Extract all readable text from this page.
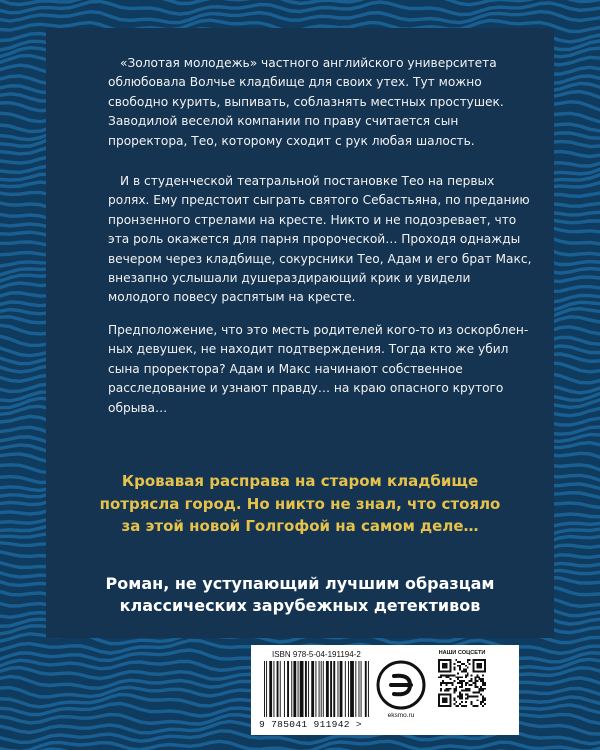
«Золотая молодежь» частного английского университета
облюбовала Волчье кладбище для своих утех. Тут можно
свободно курить, выпивать, соблазнять местных простушек.
Заводилой веселой компании по праву считается сын
проректора, Тео, которому сходит с рук любая шалость.
И в студенческой театральной постановке Тео на первых
ролях. Ему предстоит сыграть святого Себастьяна, по преданию
пронзенного стрелами на кресте. Никто и не подозревает, что
эта роль окажется для парня пророческой… Проходя однажды
вечером через кладбище, сокурсники Тео, Адам и его брат Макс,
внезапно услышали душераздирающий крик и увидели
молодого повесу распятым на кресте.
Предположение, что это месть родителей кого-то из оскорблен-
ных девушек, не находит подтверждения. Тогда кто же убил
сына проректора? Адам и Макс начинают собственное
расследование и узнают правду… на краю опасного крутого
обрыва…
Кровавая расправа на старом кладбище
потрясла город. Но никто не знал, что стояло
за этой новой Голгофой на самом деле…
Роман, не уступающий лучшим образцам
классических зарубежных детективов
ISBN 978-5-04-191194-2
9 785041 911942 >
eksmo.ru
НАШИ СОЦСЕТИ
